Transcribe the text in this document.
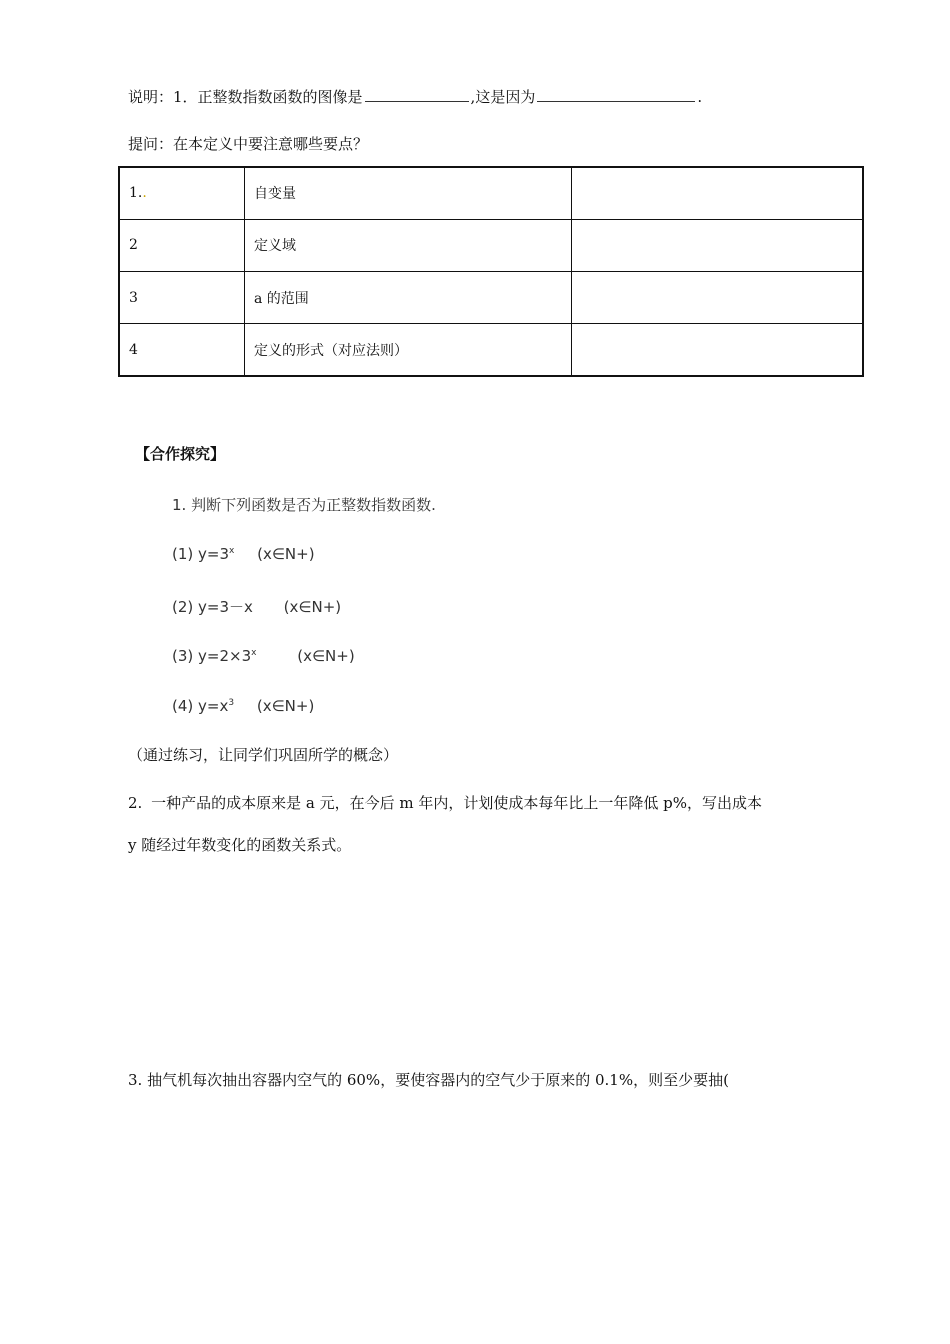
说明：1．正整数指数函数的图像是	,这是因为	.
提问：在本定义中要注意哪些要点？
1..	自变量	
2	定义域	
3	a 的范围	
4	定义的形式（对应法则）	
【合作探究】
1. 判断下列函数是否为正整数指数函数.
(1) $y=3^x$ (x∈N+)
(2) y=3－x (x∈N+)
(3) $y=2\times 3^x$	(x∈N+)
(4) $y=x^3$ (x∈N+)
（通过练习，让同学们巩固所学的概念）
2. 一种产品的成本原来是 a 元，在今后 m 年内，计划使成本每年比上一年降低 p%，写出成本
y 随经过年数变化的函数关系式。
3. 抽气机每次抽出容器内空气的 60%，要使容器内的空气少于原来的 0.1%，则至少要抽(
